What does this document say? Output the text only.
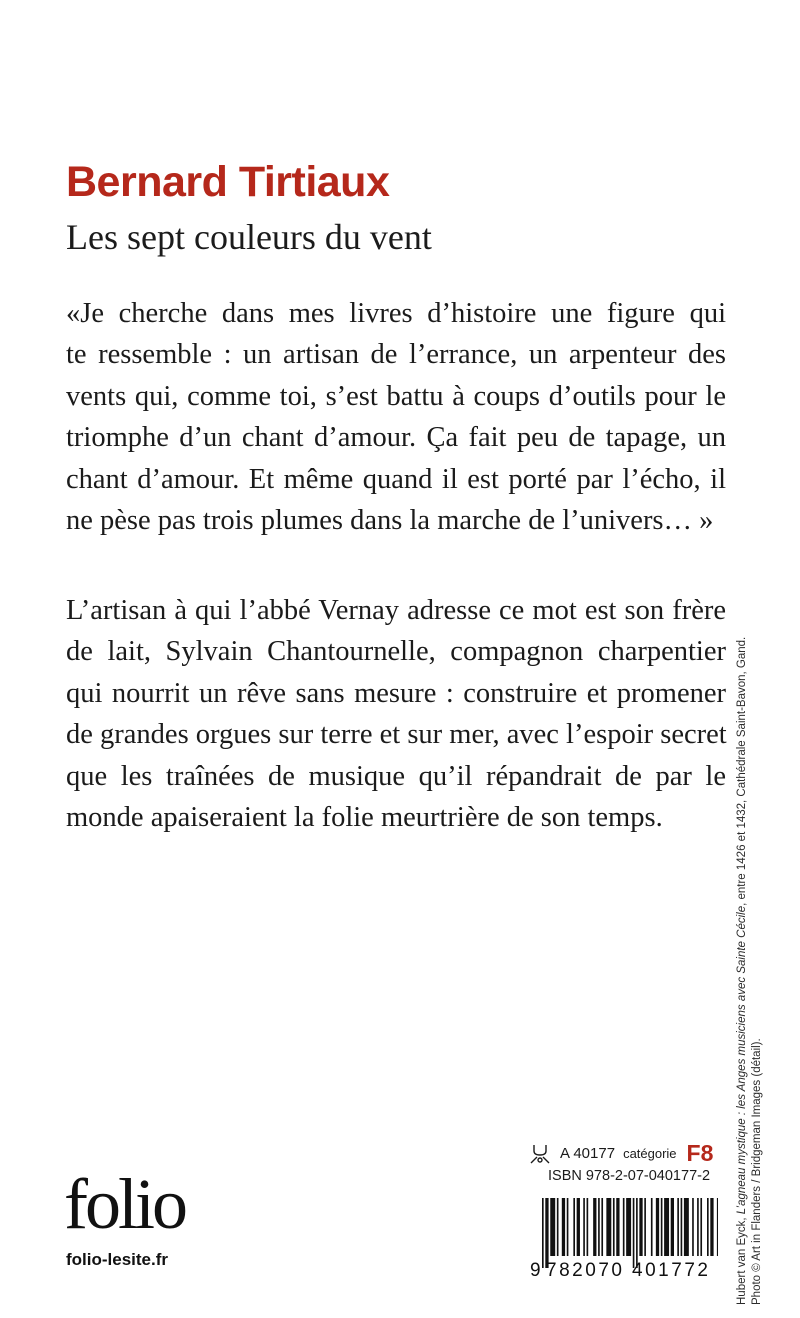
Bernard Tirtiaux
Les sept couleurs du vent
«Je cherche dans mes livres d’histoire une figure qui
te ressemble : un artisan de l’errance, un arpenteur des
vents qui, comme toi, s’est battu à coups d’outils pour le
triomphe d’un chant d’amour. Ça fait peu de tapage, un
chant d’amour. Et même quand il est porté par l’écho, il
ne pèse pas trois plumes dans la marche de l’univers… »
L’artisan à qui l’abbé Vernay adresse ce mot est son frère
de lait, Sylvain Chantournelle, compagnon charpentier
qui nourrit un rêve sans mesure : construire et promener
de grandes orgues sur terre et sur mer, avec l’espoir secret
que les traînées de musique qu’il répandrait de par le
monde apaiseraient la folie meurtrière de son temps.
Hubert van Eyck, L’agneau mystique : les Anges musiciens avec Sainte Cécile, entre 1426 et 1432, Cathédrale Saint-Bavon, Gand.
Photo © Art in Flanders / Bridgeman Images (détail).
A 40177 catégorie F8
ISBN 978-2-07-040177-2
9 782070 401772
folio
folio-lesite.fr
